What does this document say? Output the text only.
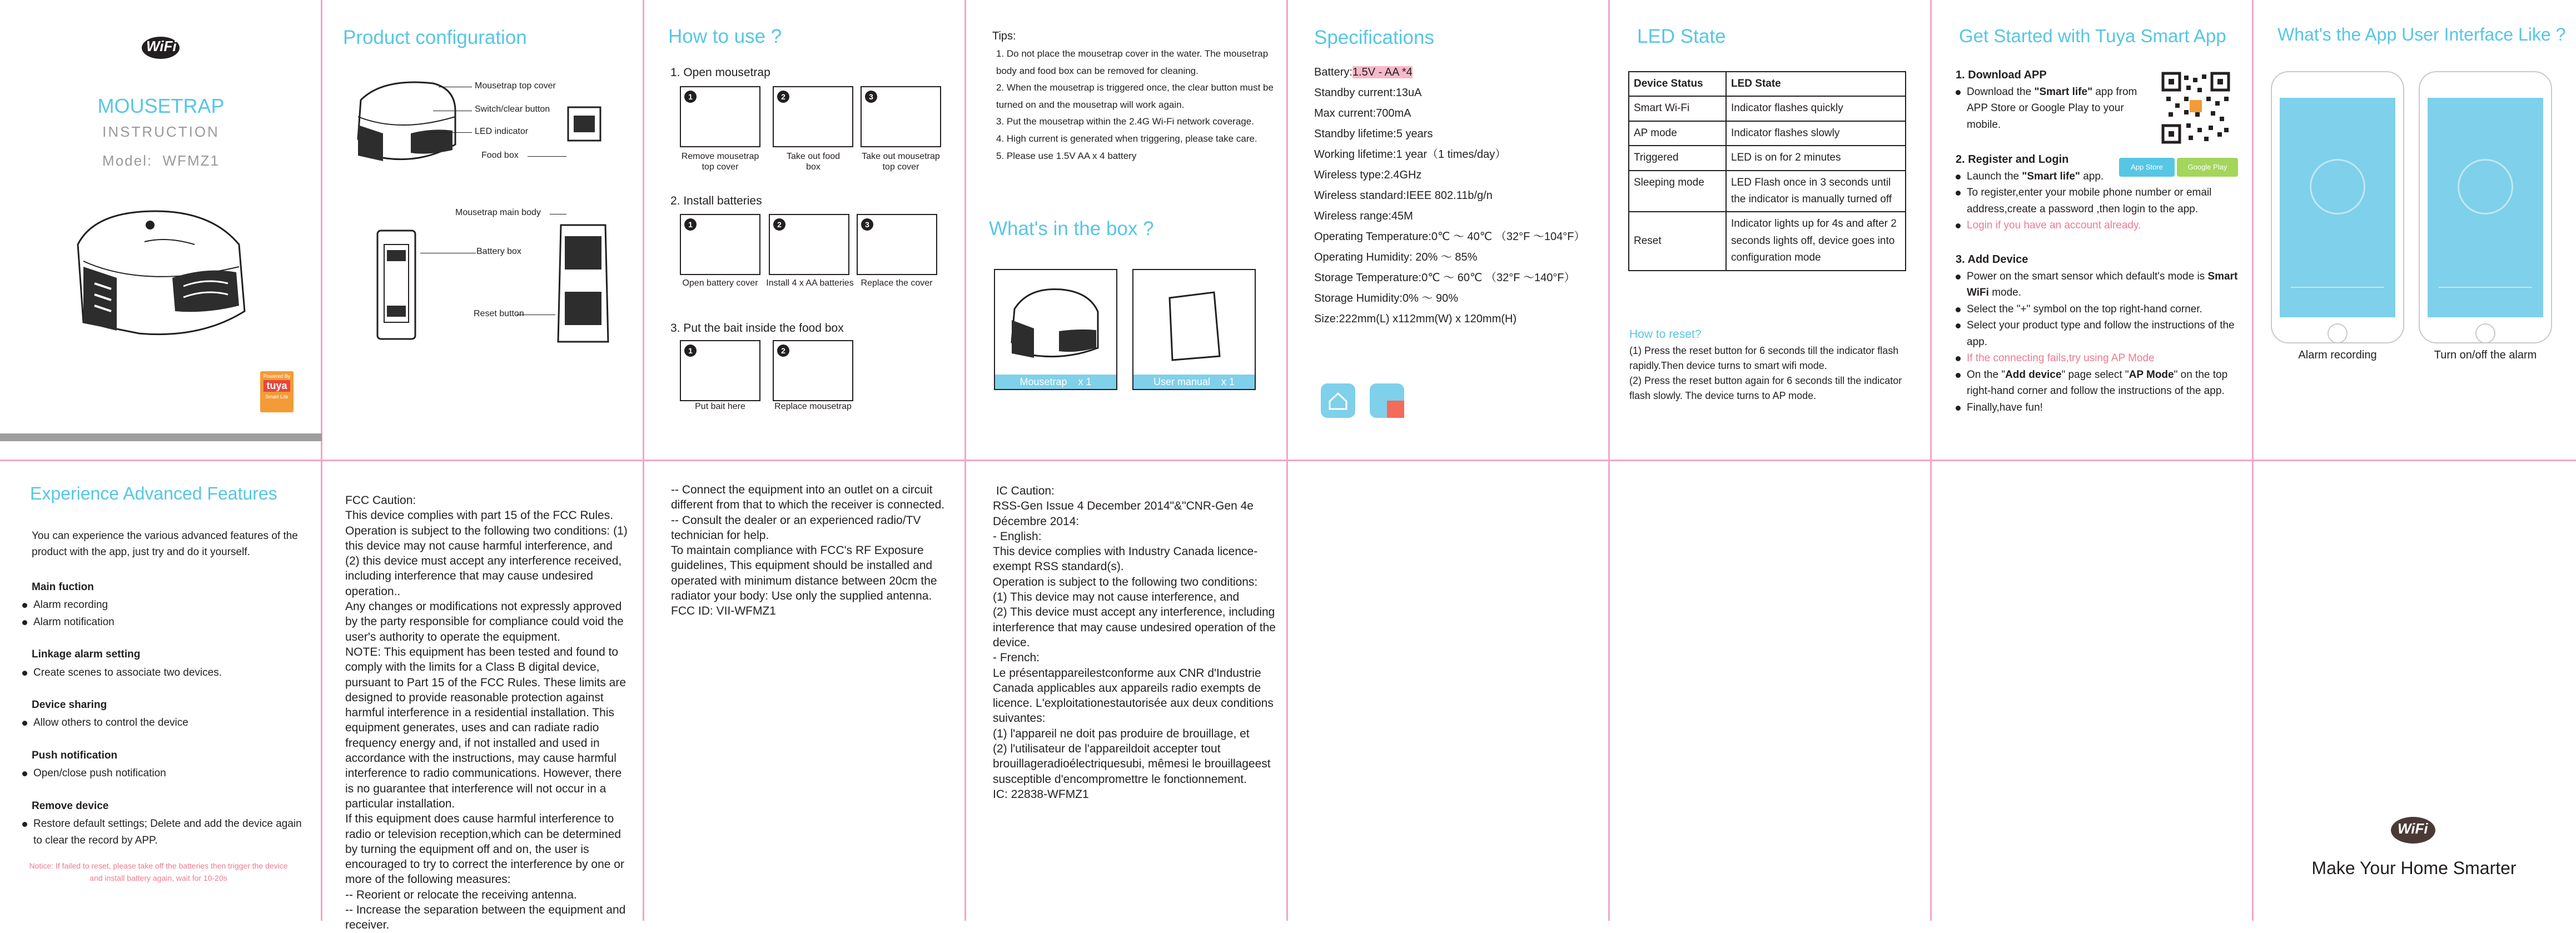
WiFi
MOUSETRAP
INSTRUCTION
Model:  WFMZ1
Powered By
tuya
Smart Life
Product configuration
Mousetrap top cover
Switch/clear button
LED indicator
Food box
Mousetrap main body
Battery box
Reset button
How to use ?
1. Open mousetrap
1	2	3
Remove mousetrap top cover
Take out food box
Take out mousetrap top cover
2. Install batteries
1	2	3
Open battery cover Install 4 x AA batteries Replace the cover
3. Put the bait inside the food box
1	2
Put bait here	Replace mousetrap
Tips:
1. Do not place the mousetrap cover in the water. The mousetrap body and food box can be removed for cleaning.
2. When the mousetrap is triggered once, the clear button must be turned on and the mousetrap will work again.
3. Put the mousetrap within the 2.4G Wi-Fi network coverage.
4. High current is generated when triggering, please take care.
5. Please use 1.5V AA x 4 battery
What's in the box ?
Mousetrap    x 1	User manual    x 1
Specifications
Battery:1.5V - AA *4
Standby current:13uA
Max current:700mA
Standby lifetime:5 years
Working lifetime:1 year（1 times/day）
Wireless type:2.4GHz
Wireless standard:IEEE 802.11b/g/n
Wireless range:45M
Operating Temperature:0℃ ～ 40℃ （32°F ～104°F）
Operating Humidity: 20% ～ 85%
Storage Temperature:0℃ ～ 60℃ （32°F ～140°F）
Storage Humidity:0% ～ 90%
Size:222mm(L) x112mm(W) x 120mm(H)
LED State
Device Status	LED State
Smart Wi-Fi	Indicator flashes quickly
AP mode	Indicator flashes slowly
Triggered	LED is on for 2 minutes
Sleeping mode	LED Flash once in 3 seconds until the indicator is manually turned off
Reset	Indicator lights up for 4s and after 2 seconds lights off, device goes into configuration mode
How to reset?
(1) Press the reset button for 6 seconds till the indicator flash rapidly.Then device turns to smart wifi mode.
(2) Press the reset button again for 6 seconds till the indicator flash slowly. The device turns to AP mode.
Get Started with Tuya Smart App
1. Download APP
Download the "Smart life" app from APP Store or Google Play to your mobile.
App Store	Google Play
2. Register and Login
Launch the "Smart life" app.
To register,enter your mobile phone number or email address,create a password ,then login to the app.
Login if you have an account already.
3. Add Device
Power on the smart sensor which default's mode is Smart WiFi mode.
Select the "+" symbol on the top right-hand corner.
Select your product type and follow the instructions of the app.
If the connecting fails,try using AP Mode
On the "Add device" page select "AP Mode" on the top right-hand corner and follow the instructions of the app.
Finally,have fun!
What's the App User Interface Like ?
Alarm recording	Turn on/off the alarm
Experience Advanced Features
You can experience the various advanced features of the product with the app, just try and do it yourself.
Main fuction
Alarm recording
Alarm notification
Linkage alarm setting
Create scenes to associate two devices.
Device sharing
Allow others to control the device
Push notification
Open/close push notification
Remove device
Restore default settings; Delete and add the device again to clear the record by APP.
Notice: If failed to reset, please take off the batteries then trigger the device and install battery again, wait for 10-20s
FCC Caution:
This device complies with part 15 of the FCC Rules. Operation is subject to the following two conditions: (1) this device may not cause harmful interference, and (2) this device must accept any interference received, including interference that may cause undesired operation..
Any changes or modifications not expressly approved by the party responsible for compliance could void the user's authority to operate the equipment.
NOTE: This equipment has been tested and found to comply with the limits for a Class B digital device, pursuant to Part 15 of the FCC Rules. These limits are designed to provide reasonable protection against harmful interference in a residential installation. This equipment generates, uses and can radiate radio frequency energy and, if not installed and used in accordance with the instructions, may cause harmful interference to radio communications. However, there is no guarantee that interference will not occur in a particular installation.
If this equipment does cause harmful interference to radio or television reception,which can be determined by turning the equipment off and on, the user is encouraged to try to correct the interference by one or more of the following measures:
-- Reorient or relocate the receiving antenna.
-- Increase the separation between the equipment and receiver.
-- Connect the equipment into an outlet on a circuit different from that to which the receiver is connected.
-- Consult the dealer or an experienced radio/TV technician for help.
To maintain compliance with FCC's RF Exposure guidelines, This equipment should be installed and operated with minimum distance between 20cm the radiator your body: Use only the supplied antenna.
FCC ID: VII-WFMZ1
IC Caution:
RSS-Gen Issue 4 December 2014"&"CNR-Gen 4e Décembre 2014:
- English:
This device complies with Industry Canada licence-exempt RSS standard(s).
Operation is subject to the following two conditions:
(1) This device may not cause interference, and
(2) This device must accept any interference, including interference that may cause undesired operation of the device.
- French:
Le présentappareilestconforme aux CNR d'Industrie Canada applicables aux appareils radio exempts de licence. L'exploitationestautorisée aux deux conditions suivantes:
(1) l'appareil ne doit pas produire de brouillage, et
(2) l'utilisateur de l'appareildoit accepter tout brouillageradioélectriquesubi, mêmesi le brouillageest susceptible d'encompromettre le fonctionnement.
IC: 22838-WFMZ1
WiFi
Make Your Home Smarter
